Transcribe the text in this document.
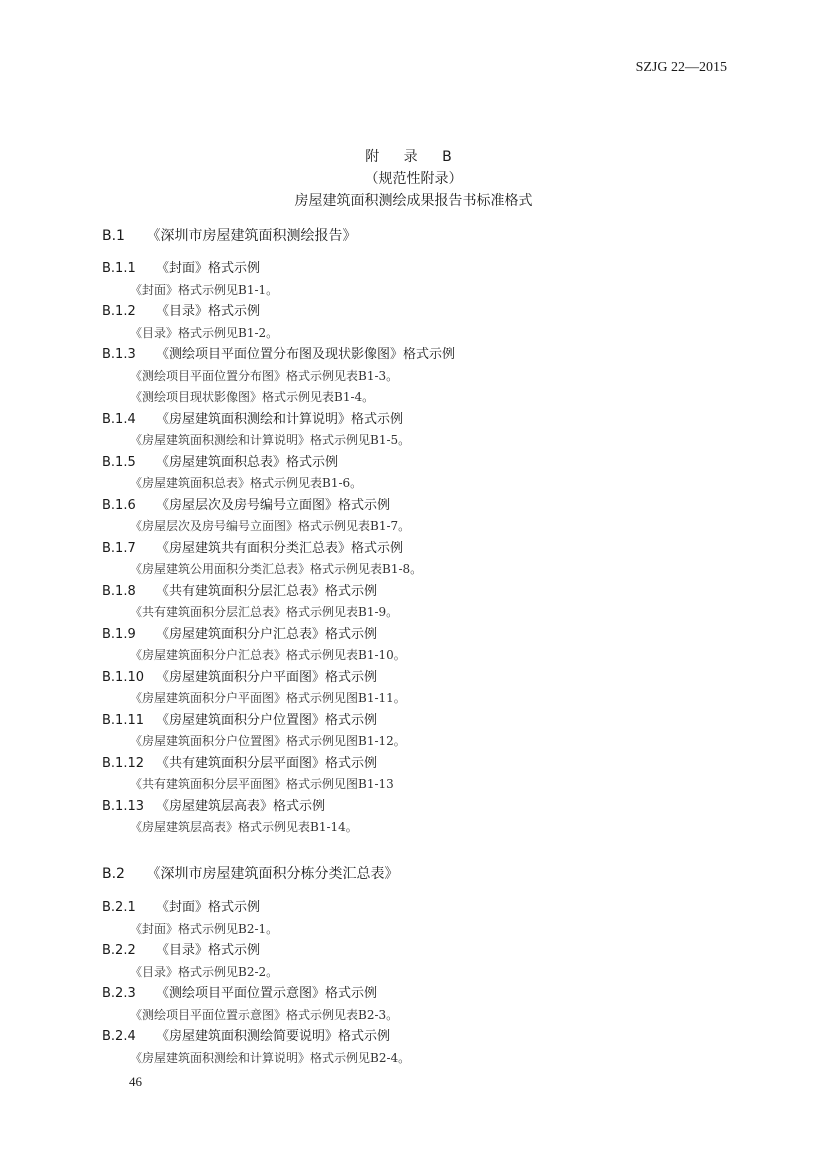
SZJG 22—2015
附 录 B
（规范性附录）
房屋建筑面积测绘成果报告书标准格式
B.1 《深圳市房屋建筑面积测绘报告》
B.1.1 《封面》格式示例
《封面》格式示例见B1-1。
B.1.2 《目录》格式示例
《目录》格式示例见B1-2。
B.1.3 《测绘项目平面位置分布图及现状影像图》格式示例
《测绘项目平面位置分布图》格式示例见表B1-3。
《测绘项目现状影像图》格式示例见表B1-4。
B.1.4 《房屋建筑面积测绘和计算说明》格式示例
《房屋建筑面积测绘和计算说明》格式示例见B1-5。
B.1.5 《房屋建筑面积总表》格式示例
《房屋建筑面积总表》格式示例见表B1-6。
B.1.6 《房屋层次及房号编号立面图》格式示例
《房屋层次及房号编号立面图》格式示例见表B1-7。
B.1.7 《房屋建筑共有面积分类汇总表》格式示例
《房屋建筑公用面积分类汇总表》格式示例见表B1-8。
B.1.8 《共有建筑面积分层汇总表》格式示例
《共有建筑面积分层汇总表》格式示例见表B1-9。
B.1.9 《房屋建筑面积分户汇总表》格式示例
《房屋建筑面积分户汇总表》格式示例见表B1-10。
B.1.10 《房屋建筑面积分户平面图》格式示例
《房屋建筑面积分户平面图》格式示例见图B1-11。
B.1.11 《房屋建筑面积分户位置图》格式示例
《房屋建筑面积分户位置图》格式示例见图B1-12。
B.1.12 《共有建筑面积分层平面图》格式示例
《共有建筑面积分层平面图》格式示例见图B1-13
B.1.13 《房屋建筑层高表》格式示例
《房屋建筑层高表》格式示例见表B1-14。
B.2 《深圳市房屋建筑面积分栋分类汇总表》
B.2.1 《封面》格式示例
《封面》格式示例见B2-1。
B.2.2 《目录》格式示例
《目录》格式示例见B2-2。
B.2.3 《测绘项目平面位置示意图》格式示例
《测绘项目平面位置示意图》格式示例见表B2-3。
B.2.4 《房屋建筑面积测绘简要说明》格式示例
《房屋建筑面积测绘和计算说明》格式示例见B2-4。
46
